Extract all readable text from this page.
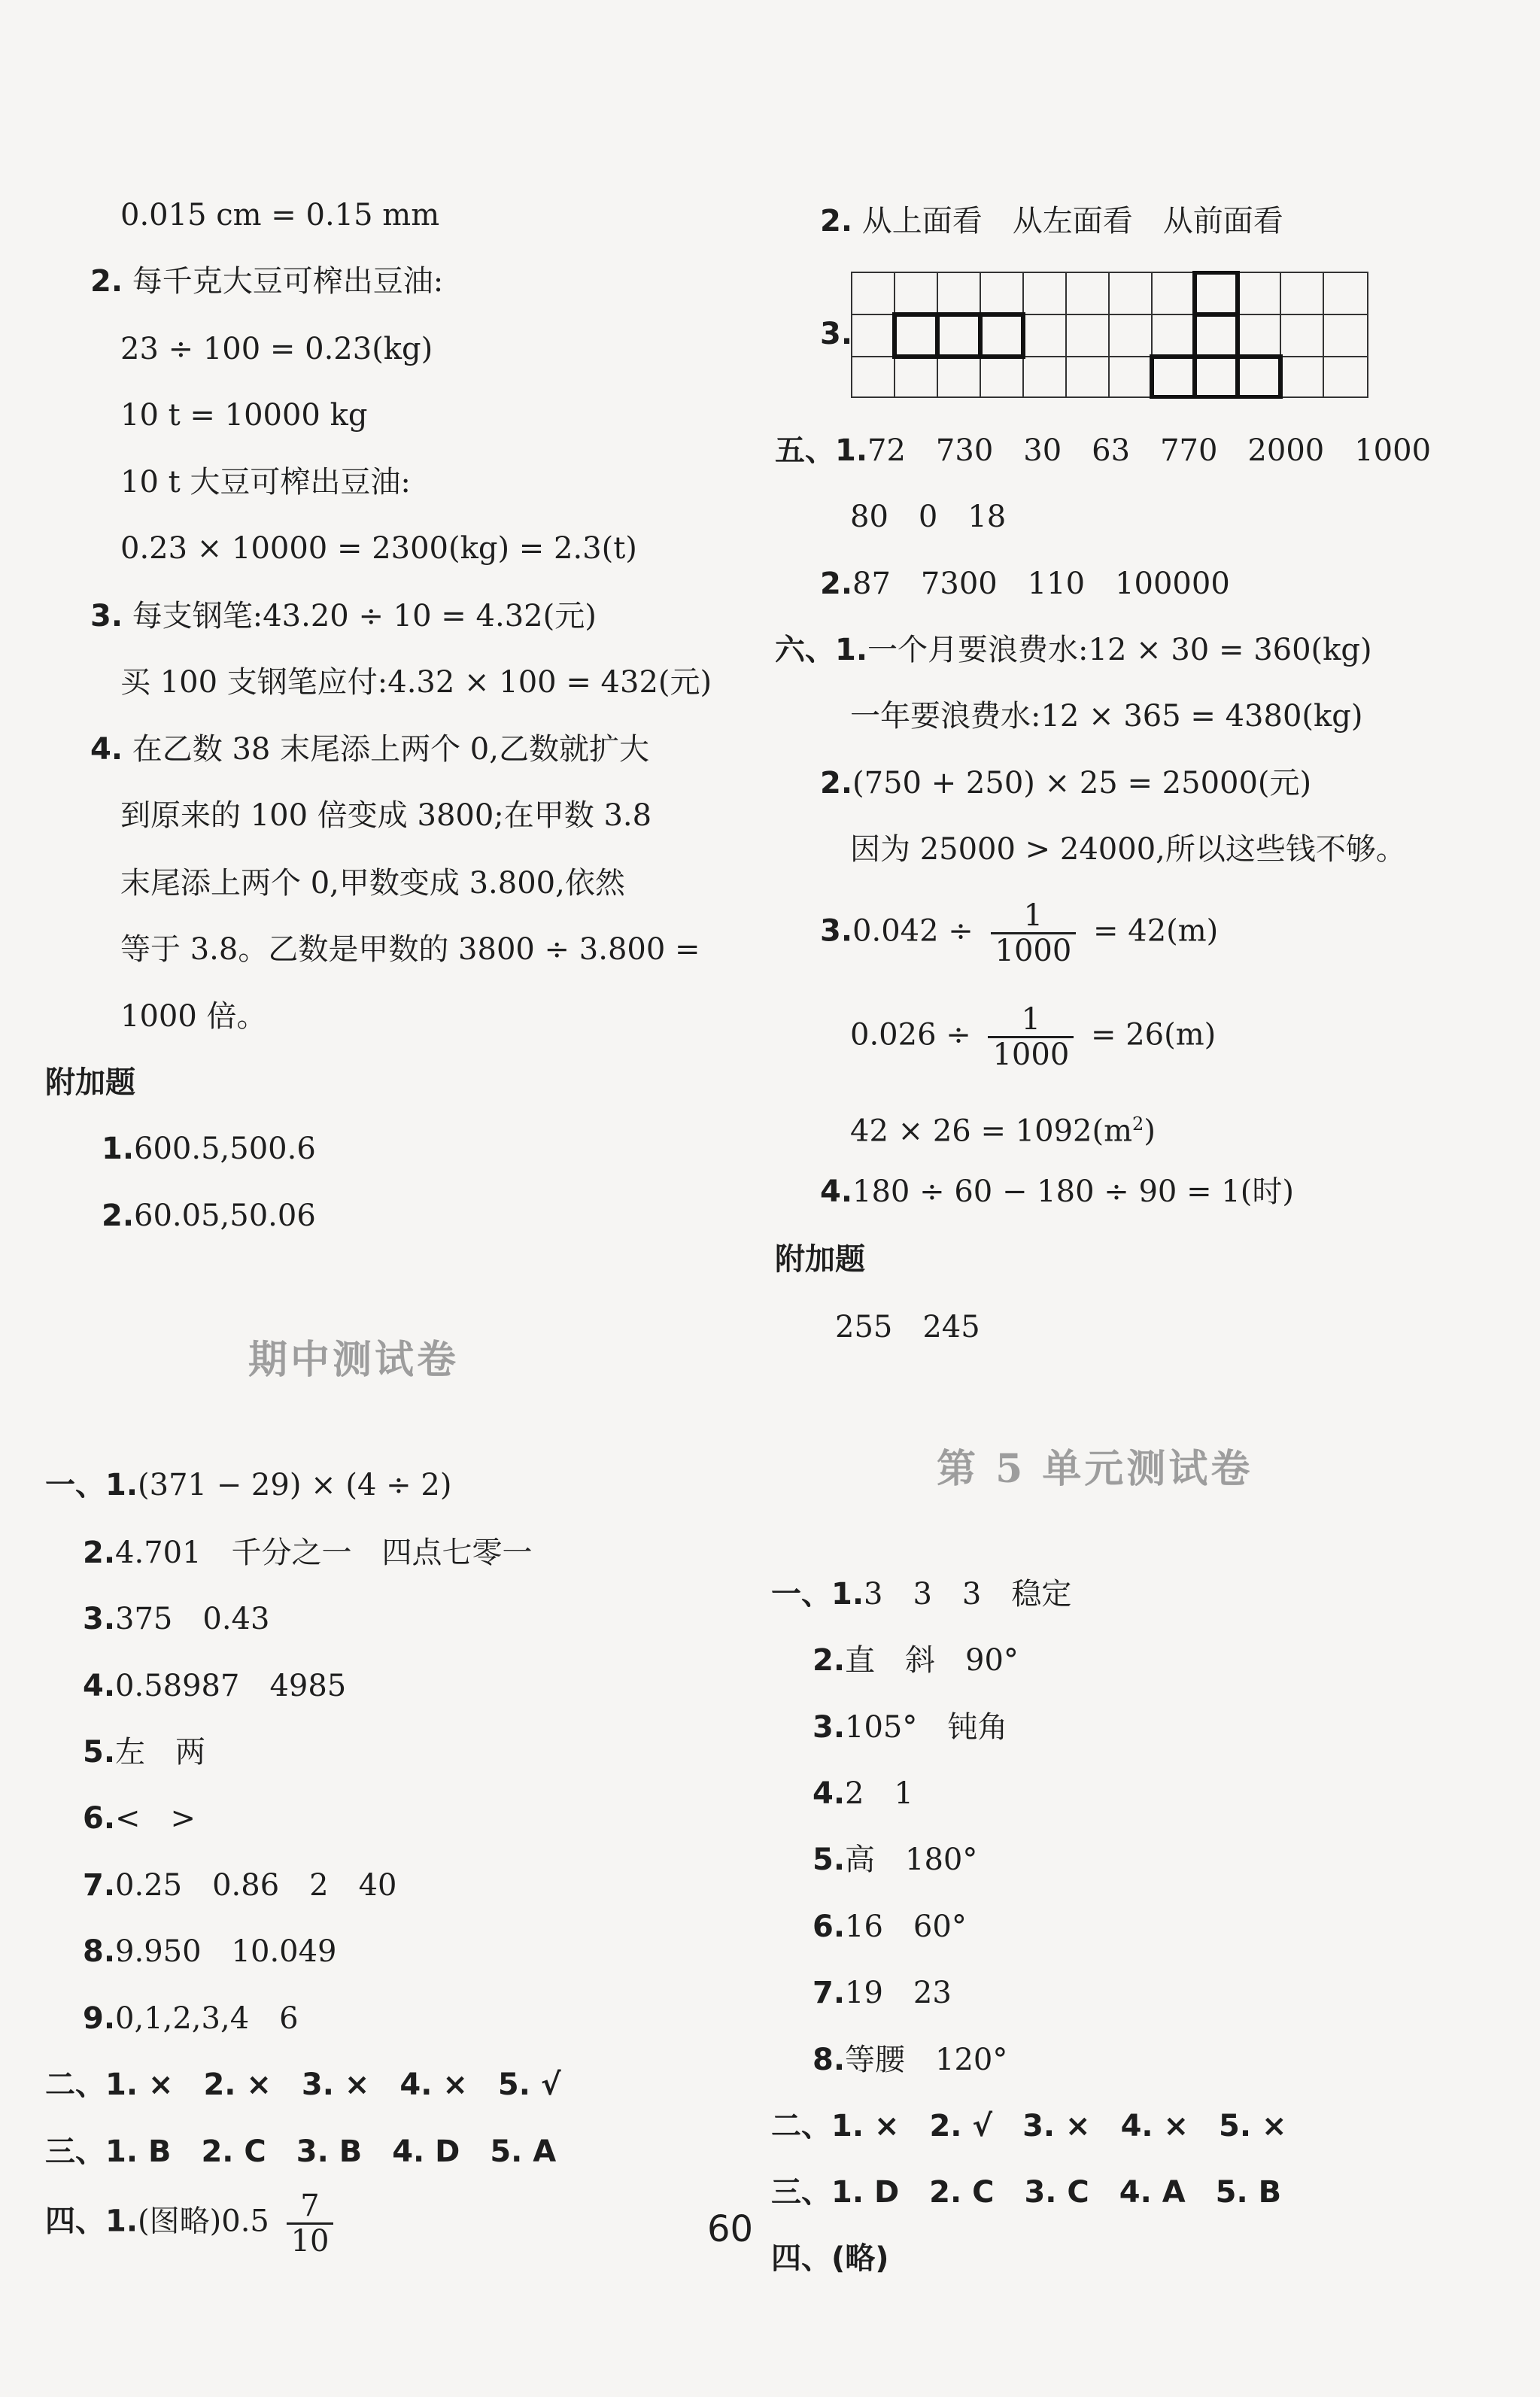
0.015 cm = 0.15 mm
2. 每千克大豆可榨出豆油:
23 ÷ 100 = 0.23(kg)
10 t = 10000 kg
10 t 大豆可榨出豆油:
0.23 × 10000 = 2300(kg) = 2.3(t)
3. 每支钢笔:43.20 ÷ 10 = 4.32(元)
买 100 支钢笔应付:4.32 × 100 = 432(元)
4. 在乙数 38 末尾添上两个 0,乙数就扩大
到原来的 100 倍变成 3800;在甲数 3.8
末尾添上两个 0,甲数变成 3.800,依然
等于 3.8。乙数是甲数的 3800 ÷ 3.800 =
1000 倍。
附加题
1.600.5,500.6
2.60.05,50.06
期中测试卷
一、1.(371 − 29) × (4 ÷ 2)
2.4.701　千分之一　四点七零一
3.375　0.43
4.0.58987　4985
5.左　两
6.<　>
7.0.25　0.86　2　40
8.9.950　10.049
9.0,1,2,3,4　6
二、1. ×　2. ×　3. ×　4. ×　5. √
三、1. B　2. C　3. B　4. D　5. A
四、1.(图略)$0.5 \frac{7}{10}$
2. 从上面看　从左面看　从前面看
3.
五、1.72　730　30　63　770　2000　1000
80　0　18
2.87　7300　110　100000
六、1.一个月要浪费水:12 × 30 = 360(kg)
一年要浪费水:12 × 365 = 4380(kg)
2.(750 + 250) × 25 = 25000(元)
因为 25000 > 24000,所以这些钱不够。
$3.0.042 \div \frac{1}{1000} = 42(m)$
$0.026 \div \frac{1}{1000} = 26(m)$
$42 \times 26 = 1092(m^2)$
4.180 ÷ 60 − 180 ÷ 90 = 1(时)
附加题
255　245
第 5 单元测试卷
一、1.3　3　3　稳定
2.直　斜　90°
3.105°　钝角
4.2　1
5.高　180°
6.16　60°
7.19　23
8.等腰　120°
二、1. ×　2. √　3. ×　4. ×　5. ×
三、1. D　2. C　3. C　4. A　5. B
四、(略)
60
